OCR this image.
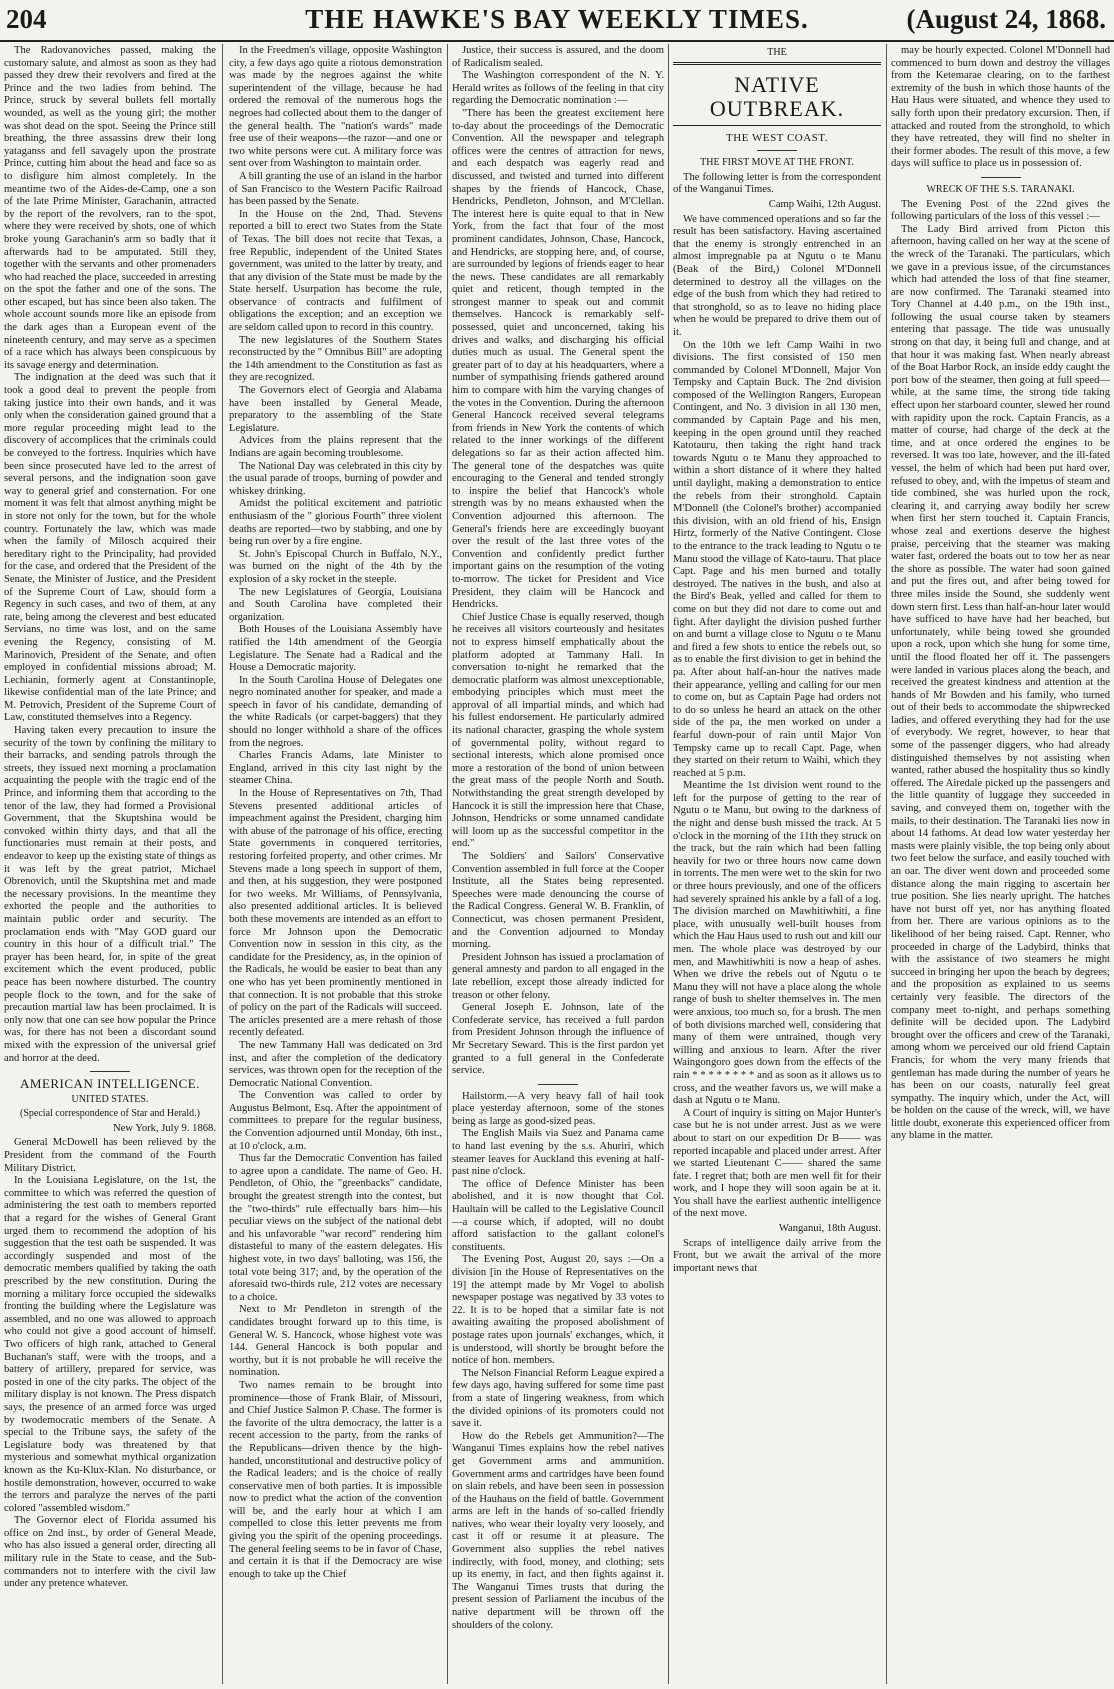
204	THE HAWKE'S BAY WEEKLY TIMES.	(August 24, 1868.

The Radovanoviches passed, making the customary salute, and almost as soon as they had passed they drew their revolvers and fired at the Prince and the two ladies from behind. The Prince, struck by several bullets fell mortally wounded, as well as the young girl; the mother was shot dead on the spot. Seeing the Prince still breathing, the three assassins drew their long yataganss and fell savagely upon the prostrate Prince, cutting him about the head and face so as to disfigure him almost completely. In the meantime two of the Aides-de-Camp, one a son of the late Prime Minister, Garachanin, attracted by the report of the revolvers, ran to the spot, where they were received by shots, one of which broke young Garachanin's arm so badly that it afterwards had to be amputated. Still they, together with the servants and other promenaders who had reached the place, succeeded in arresting on the spot the father and one of the sons. The other escaped, but has since been also taken. The whole account sounds more like an episode from the dark ages than a European event of the nineteenth century, and may serve as a specimen of a race which has always been conspicuous by its savage energy and determination.

The indignation at the deed was such that it took a good deal to prevent the people from taking justice into their own hands, and it was only when the consideration gained ground that a more regular proceeding might lead to the discovery of accomplices that the criminals could be conveyed to the fortress. Inquiries which have been since prosecuted have led to the arrest of several persons, and the indignation soon gave way to general grief and consternation. For one moment it was felt that almost anything might be in store not only for the town, but for the whole country. Fortunately the law, which was made when the family of Milosch acquired their hereditary right to the Principality, had provided for the case, and ordered that the President of the Senate, the Minister of Justice, and the President of the Supreme Court of Law, should form a Regency in such cases, and two of them, at any rate, being among the cleverest and best educated Servians, no time was lost, and on the same evening the Regency, consisting of M. Marinovich, President of the Senate, and often employed in confidential missions abroad; M. Lechianin, formerly agent at Constantinople, likewise confidential man of the late Prince; and M. Petrovich, President of the Supreme Court of Law, constituted themselves into a Regency.

Having taken every precaution to insure the security of the town by confining the military to their barracks, and sending patrols through the streets, they issued next morning a proclamation acquainting the people with the tragic end of the Prince, and informing them that according to the tenor of the law, they had formed a Provisional Government, that the Skuptshina would be convoked within thirty days, and that all the functionaries must remain at their posts, and endeavor to keep up the existing state of things as it was left by the great patriot, Michael Obrenovich, until the Skuptshina met and made the necessary provisions. In the meantime they exhorted the people and the authorities to maintain public order and security. The proclamation ends with "May GOD guard our country in this hour of a difficult trial." The prayer has been heard, for, in spite of the great excitement which the event produced, public peace has been nowhere disturbed. The country people flock to the town, and for the sake of precaution martial law has been proclaimed. It is only now that one can see how popular the Prince was, for there has not been a discordant sound mixed with the expression of the universal grief and horror at the deed.

AMERICAN INTELLIGENCE.
UNITED STATES.
(Special correspondence of Star and Herald.)
New York, July 9. 1868.

General McDowell has been relieved by the President from the command of the Fourth Military District.

In the Louisiana Legislature, on the 1st, the committee to which was referred the question of administering the test oath to members reported that a regard for the wishes of General Grant urged them to recommend the adoption of his suggestion that the test oath be suspended. It was accordingly suspended and most of the democratic members qualified by taking the oath prescribed by the new constitution. During the morning a military force occupied the sidewalks fronting the building where the Legislature was assembled, and no one was allowed to approach who could not give a good account of himself. Two officers of high rank, attached to General Buchanan's staff, were with the troops, and a battery of artillery, prepared for service, was posted in one of the city parks. The object of the military display is not known. The Press dispatch says, the presence of an armed force was urged by twodemocratic members of the Senate. A special to the Tribune says, the safety of the Legislature body was threatened by that mysterious and somewhat mythical organization known as the Ku-Klux-Klan. No disturbance, or hostile demonstration, however, occurred to wake the terrors and paralyze the nerves of the parti colored "assembled wisdom."

The Governor elect of Florida assumed his office on 2nd inst., by order of General Meade, who has also issued a general order, directing all military rule in the State to cease, and the Sub-commanders not to interfere with the civil law under any pretence whatever.

In the Freedmen's village, opposite Washington city, a few days ago quite a riotous demonstration was made by the negroes against the white superintendent of the village, because he had ordered the removal of the numerous hogs the negroes had collected about them to the danger of the general health. The "nation's wards" made free use of their weapons—the razor—and one or two white persons were cut. A military force was sent over from Washington to maintain order.

A bill granting the use of an island in the harbor of San Francisco to the Western Pacific Railroad has been passed by the Senate.

In the House on the 2nd, Thad. Stevens reported a bill to erect two States from the State of Texas. The bill does not recite that Texas, a free Republic, independent of the United States government, was united to the latter by treaty, and that any division of the State must be made by the State herself. Usurpation has become the rule, observance of contracts and fulfilment of obligations the exception; and an exception we are seldom called upon to record in this country.

The new legislatures of the Southern States reconstructed by the " Omnibus Bill" are adopting the 14th amendment to the Constitution as fast as they are recognized.

The Governors elect of Georgia and Alabama have been installed by General Meade, preparatory to the assembling of the State Legislature.

Advices from the plains represent that the Indians are again becoming troublesome.

The National Day was celebrated in this city by the usual parade of troops, burning of powder and whiskey drinking.

Amidst the political excitement and patriotic enthusiasm of the " glorious Fourth" three violent deaths are reported—two by stabbing, and one by being run over by a fire engine.

St. John's Episcopal Church in Buffalo, N.Y., was burned on the night of the 4th by the explosion of a sky rocket in the steeple.

The new Legislatures of Georgia, Louisiana and South Carolina have completed their organization.

Both Houses of the Louisiana Assembly have ratified the 14th amendment of the Georgia Legislature. The Senate had a Radical and the House a Democratic majority.

In the South Carolina House of Delegates one negro nominated another for speaker, and made a speech in favor of his candidate, demanding of the white Radicals (or carpet-baggers) that they should no longer withhold a share of the offices from the negroes.

Charles Francis Adams, late Minister to England, arrived in this city last night by the steamer China.

In the House of Representatives on 7th, Thad Stevens presented additional articles of impeachment against the President, charging him with abuse of the patronage of his office, erecting State governments in conquered territories, restoring forfeited property, and other crimes. Mr Stevens made a long speech in support of them, and then, at his suggestion, they were postponed for two weeks. Mr Williams, of Pennsylvania, also presented additional articles. It is believed both these movements are intended as an effort to force Mr Johnson upon the Democratic Convention now in session in this city, as the candidate for the Presidency, as, in the opinion of the Radicals, he would be easier to beat than any one who has yet been prominently mentioned in that connection. It is not probable that this stroke of policy on the part of the Radicals will succeed. The articles presented are a mere rehash of those recently defeated.

The new Tammany Hall was dedicated on 3rd inst, and after the completion of the dedicatory services, was thrown open for the reception of the Democratic National Convention.

The Convention was called to order by Augustus Belmont, Esq. After the appointment of committees to prepare for the regular business, the Convention adjourned until Monday, 6th inst., at 10 o'clock, a.m.

Thus far the Democratic Convention has failed to agree upon a candidate. The name of Geo. H. Pendleton, of Ohio, the "greenbacks" candidate, brought the greatest strength into the contest, but the "two-thirds" rule effectually bars him—his peculiar views on the subject of the national debt and his unfavorable "war record" rendering him distasteful to many of the eastern delegates. His highest vote, in two days' balloting, was 156, the total vote being 317; and, by the operation of the aforesaid two-thirds rule, 212 votes are necessary to a choice.

Next to Mr Pendleton in strength of the candidates brought forward up to this time, is General W. S. Hancock, whose highest vote was 144. General Hancock is both popular and worthy, but it is not probable he will receive the nomination.

Two names remain to be brought into prominence—those of Frank Blair, of Missouri, and Chief Justice Salmon P. Chase. The former is the favorite of the ultra democracy, the latter is a recent accession to the party, from the ranks of the Republicans—driven thence by the high-handed, unconstitutional and destructive policy of the Radical leaders; and is the choice of really conservative men of both parties. It is impossible now to predict what the action of the convention will be, and the early hour at which I am compelled to close this letter prevents me from giving you the spirit of the opening proceedings. The general feeling seems to be in favor of Chase, and certain it is that if the Democracy are wise enough to take up the Chief

Justice, their success is assured, and the doom of Radicalism sealed.

The Washington correspondent of the N. Y. Herald writes as follows of the feeling in that city regarding the Democratic nomination :—

"There has been the greatest excitement here to-day about the proceedings of the Democratic Convention. All the newspaper and telegraph offices were the centres of attraction for news, and each despatch was eagerly read and discussed, and twisted and turned into different shapes by the friends of Hancock, Chase, Hendricks, Pendleton, Johnson, and M'Clellan. The interest here is quite equal to that in New York, from the fact that four of the most prominent candidates, Johnson, Chase, Hancock, and Hendricks, are stopping here, and, of course, are surrounded by legions of friends eager to hear the news. These candidates are all remarkably quiet and reticent, though tempted in the strongest manner to speak out and commit themselves. Hancock is remarkably self-possessed, quiet and unconcerned, taking his drives and walks, and discharging his official duties much as usual. The General spent the greater part of to day at his headquarters, where a number of sympathising friends gathered around him to compare with him the varying changes of the votes in the Convention. During the afternoon General Hancock received several telegrams from friends in New York the contents of which related to the inner workings of the different delegations so far as their action affected him. The general tone of the despatches was quite encouraging to the General and tended strongly to inspire the belief that Hancock's whole strength was by no means exhausted when the Convention adjourned this afternoon. The General's friends here are exceedingly buoyant over the result of the last three votes of the Convention and confidently predict further important gains on the resumption of the voting to-morrow. The ticket for President and Vice President, they claim will be Hancock and Hendricks.

Chief Justice Chase is equally reserved, though he receives all visitors courteously and hesitates not to express himself emphatically about the platform adopted at Tammany Hall. In conversation to-night he remarked that the democratic platform was almost unexceptionable, embodying principles which must meet the approval of all impartial minds, and which had his fullest endorsement. He particularly admired its national character, grasping the whole system of governmental polity, without regard to sectional interests, which alone promised once more a restoration of the bond of union between the great mass of the people North and South. Notwithstanding the great strength developed by Hancock it is still the impression here that Chase, Johnson, Hendricks or some unnamed candidate will loom up as the successful competitor in the end."

The Soldiers' and Sailors' Conservative Convention assembled in full force at the Cooper Institute, all the States being represented. Speeches were made denouncing the course of the Radical Congress. General W. B. Franklin, of Connecticut, was chosen permanent President, and the Convention adjourned to Monday morning.

President Johnson has issued a proclamation of general amnesty and pardon to all engaged in the late rebellion, except those already indicted for treason or other felony.

General Joseph E. Johnson, late of the Confederate service, has received a full pardon from President Johnson through the influence of Mr Secretary Seward. This is the first pardon yet granted to a full general in the Confederate service.

Hailstorm.—A very heavy fall of hail took place yesterday afternoon, some of the stones being as large as good-sized peas.

The English Mails via Suez and Panama came to hand last evening by the s.s. Ahuriri, which steamer leaves for Auckland this evening at half-past nine o'clock.

The office of Defence Minister has been abolished, and it is now thought that Col. Haultain will be called to the Legislative Council—a course which, if adopted, will no doubt afford satisfaction to the gallant colonel's constituents.

The Evening Post, August 20, says :—On a division [in the House of Representatives on the 19] the attempt made by Mr Vogel to abolish newspaper postage was negatived by 33 votes to 22. It is to be hoped that a similar fate is not awaiting awaiting the proposed abolishment of postage rates upon journals' exchanges, which, it is understood, will shortly be brought before the notice of hon. members.

The Nelson Financial Reform League expired a few days ago, having suffered for some time past from a state of lingering weakness, from which the divided opinions of its promoters could not save it.

How do the Rebels get Ammunition?—The Wanganui Times explains how the rebel natives get Government arms and ammunition. Government arms and cartridges have been found on slain rebels, and have been seen in possession of the Hauhaus on the field of battle. Government arms are left in the hands of so-called friendly natives, who wear their loyalty very loosely, and cast it off or resume it at pleasure. The Government also supplies the rebel natives indirectly, with food, money, and clothing; sets up its enemy, in fact, and then fights against it. The Wanganui Times trusts that during the present session of Parliament the incubus of the native department will be thrown off the shoulders of the colony.

THE
NATIVE OUTBREAK.
THE WEST COAST.
THE FIRST MOVE AT THE FRONT.

The following letter is from the correspondent of the Wanganui Times.

Camp Waihi, 12th August.

We have commenced operations and so far the result has been satisfactory. Having ascertained that the enemy is strongly entrenched in an almost impregnable pa at Ngutu o te Manu (Beak of the Bird,) Colonel M'Donnell determined to destroy all the villages on the edge of the bush from which they had retired to that stronghold, so as to leave no hiding place when he would be prepared to drive them out of it.

On the 10th we left Camp Waihi in two divisions. The first consisted of 150 men commanded by Colonel M'Donnell, Major Von Tempsky and Captain Buck. The 2nd division composed of the Wellington Rangers, European Contingent, and No. 3 division in all 130 men, commanded by Captain Page and his men, keeping in the open ground until they reached Katotauru, then taking the right hand track towards Ngutu o te Manu they approached to within a short distance of it where they halted until daylight, making a demonstration to entice the rebels from their stronghold. Captain M'Donnell (the Colonel's brother) accompanied this division, with an old friend of his, Ensign Hirtz, formerly of the Native Contingent. Close to the entrance to the track leading to Ngutu o te Manu stood the village of Kato-tauru. That place Capt. Page and his men burned and totally destroyed. The natives in the bush, and also at the Bird's Beak, yelled and called for them to come on but they did not dare to come out and fight. After daylight the division pushed further on and burnt a village close to Ngutu o te Manu and fired a few shots to entice the rebels out, so as to enable the first division to get in behind the pa. After about half-an-hour the natives made their appearance, yelling and calling for our men to come on, but as Captain Page had orders not to do so unless he heard an attack on the other side of the pa, the men worked on under a fearful down-pour of rain until Major Von Tempsky came up to recall Capt. Page, when they started on their return to Waihi, which they reached at 5 p.m.

Meantime the 1st division went round to the left for the purpose of getting to the rear of Ngutu o te Manu, but owing to the darkness of the night and dense bush missed the track. At 5 o'clock in the morning of the 11th they struck on the track, but the rain which had been falling heavily for two or three hours now came down in torrents. The men were wet to the skin for two or three hours previously, and one of the officers had severely sprained his ankle by a fall of a log. The division marched on Mawhitiwhiti, a fine place, with unusually well-built houses from which the Hau Haus used to rush out and kill our men. The whole place was destroyed by our men, and Mawhitiwhiti is now a heap of ashes. When we drive the rebels out of Ngutu o te Manu they will not have a place along the whole range of bush to shelter themselves in. The men were anxious, too much so, for a brush. The men of both divisions marched well, considering that many of them were untrained, though very willing and anxious to learn. After the river Waingongoro goes down from the effects of the rain * * * * * * * * and as soon as it allows us to cross, and the weather favors us, we will make a dash at Ngutu o te Manu.

A Court of inquiry is sitting on Major Hunter's case but he is not under arrest. Just as we were about to start on our expedition Dr B—— was reported incapable and placed under arrest. After we started Lieutenant C—— shared the same fate. I regret that; both are men well fit for their work, and I hope they will soon again be at it. You shall have the earliest authentic intelligence of the next move.

Wanganui, 18th August.

Scraps of intelligence daily arrive from the Front, but we await the arrival of the more important news that

may be hourly expected. Colonel M'Donnell had commenced to burn down and destroy the villages from the Ketemarae clearing, on to the farthest extremity of the bush in which those haunts of the Hau Haus were situated, and whence they used to sally forth upon their predatory excursion. Then, if attacked and routed from the stronghold, to which they have retreated, they will find no shelter in their former abodes. The result of this move, a few days will suffice to place us in possession of.

WRECK OF THE S.S. TARANAKI.

The Evening Post of the 22nd gives the following particulars of the loss of this vessel :—

The Lady Bird arrived from Picton this afternoon, having called on her way at the scene of the wreck of the Taranaki. The particulars, which we gave in a previous issue, of the circumstances which had attended the loss of that fine steamer, are now confirmed. The Taranaki steamed into Tory Channel at 4.40 p.m., on the 19th inst., following the usual course taken by steamers entering that passage. The tide was unusually strong on that day, it being full and change, and at that hour it was making fast. When nearly abreast of the Boat Harbor Rock, an inside eddy caught the port bow of the steamer, then going at full speed—while, at the same time, the strong tide taking effect upon her starboard counter, slewed her round with rapidity upon the rock. Captain Francis, as a matter of course, had charge of the deck at the time, and at once ordered the engines to be reversed. It was too late, however, and the ill-fated vessel, the helm of which had been put hard over, refused to obey, and, with the impetus of steam and tide combined, she was hurled upon the rock, clearing it, and carrying away bodily her screw when first her stern touched it. Captain Francis, whose zeal and exertions deserve the highest praise, perceiving that the steamer was making water fast, ordered the boats out to tow her as near the shore as possible. The water had soon gained and put the fires out, and after being towed for three miles inside the Sound, she suddenly went down stern first. Less than half-an-hour later would have sufficed to have have had her beached, but unfortunately, while being towed she grounded upon a rock, upon which she hung for some time, until the flood floated her off it. The passengers were landed in various places along the beach, and received the greatest kindness and attention at the hands of Mr Bowden and his family, who turned out of their beds to accommodate the shipwrecked ladies, and offered everything they had for the use of everybody. We regret, however, to hear that some of the passenger diggers, who had already distinguished themselves by not assisting when wanted, rather abused the hospitality thus so kindly offered. The Airedale picked up the passengers and the little quantity of luggage they succeeded in saving, and conveyed them on, together with the mails, to their destination. The Taranaki lies now in about 14 fathoms. At dead low water yesterday her masts were plainly visible, the top being only about two feet below the surface, and easily touched with an oar. The diver went down and proceeded some distance along the main rigging to ascertain her true position. She lies nearly upright. The hatches have not burst off yet, nor has anything floated from her. There are various opinions as to the likelihood of her being raised. Capt. Renner, who proceeded in charge of the Ladybird, thinks that with the assistance of two steamers he might succeed in bringing her upon the beach by degrees; and the proposition as explained to us seems certainly very feasible. The directors of the company meet to-night, and perhaps something definite will be decided upon. The Ladybird brought over the officers and crew of the Taranaki, among whom we perceived our old friend Captain Francis, for whom the very many friends that gentleman has made during the number of years he has been on our coasts, naturally feel great sympathy. The inquiry which, under the Act, will be holden on the cause of the wreck, will, we have little doubt, exonerate this experienced officer from any blame in the matter.
